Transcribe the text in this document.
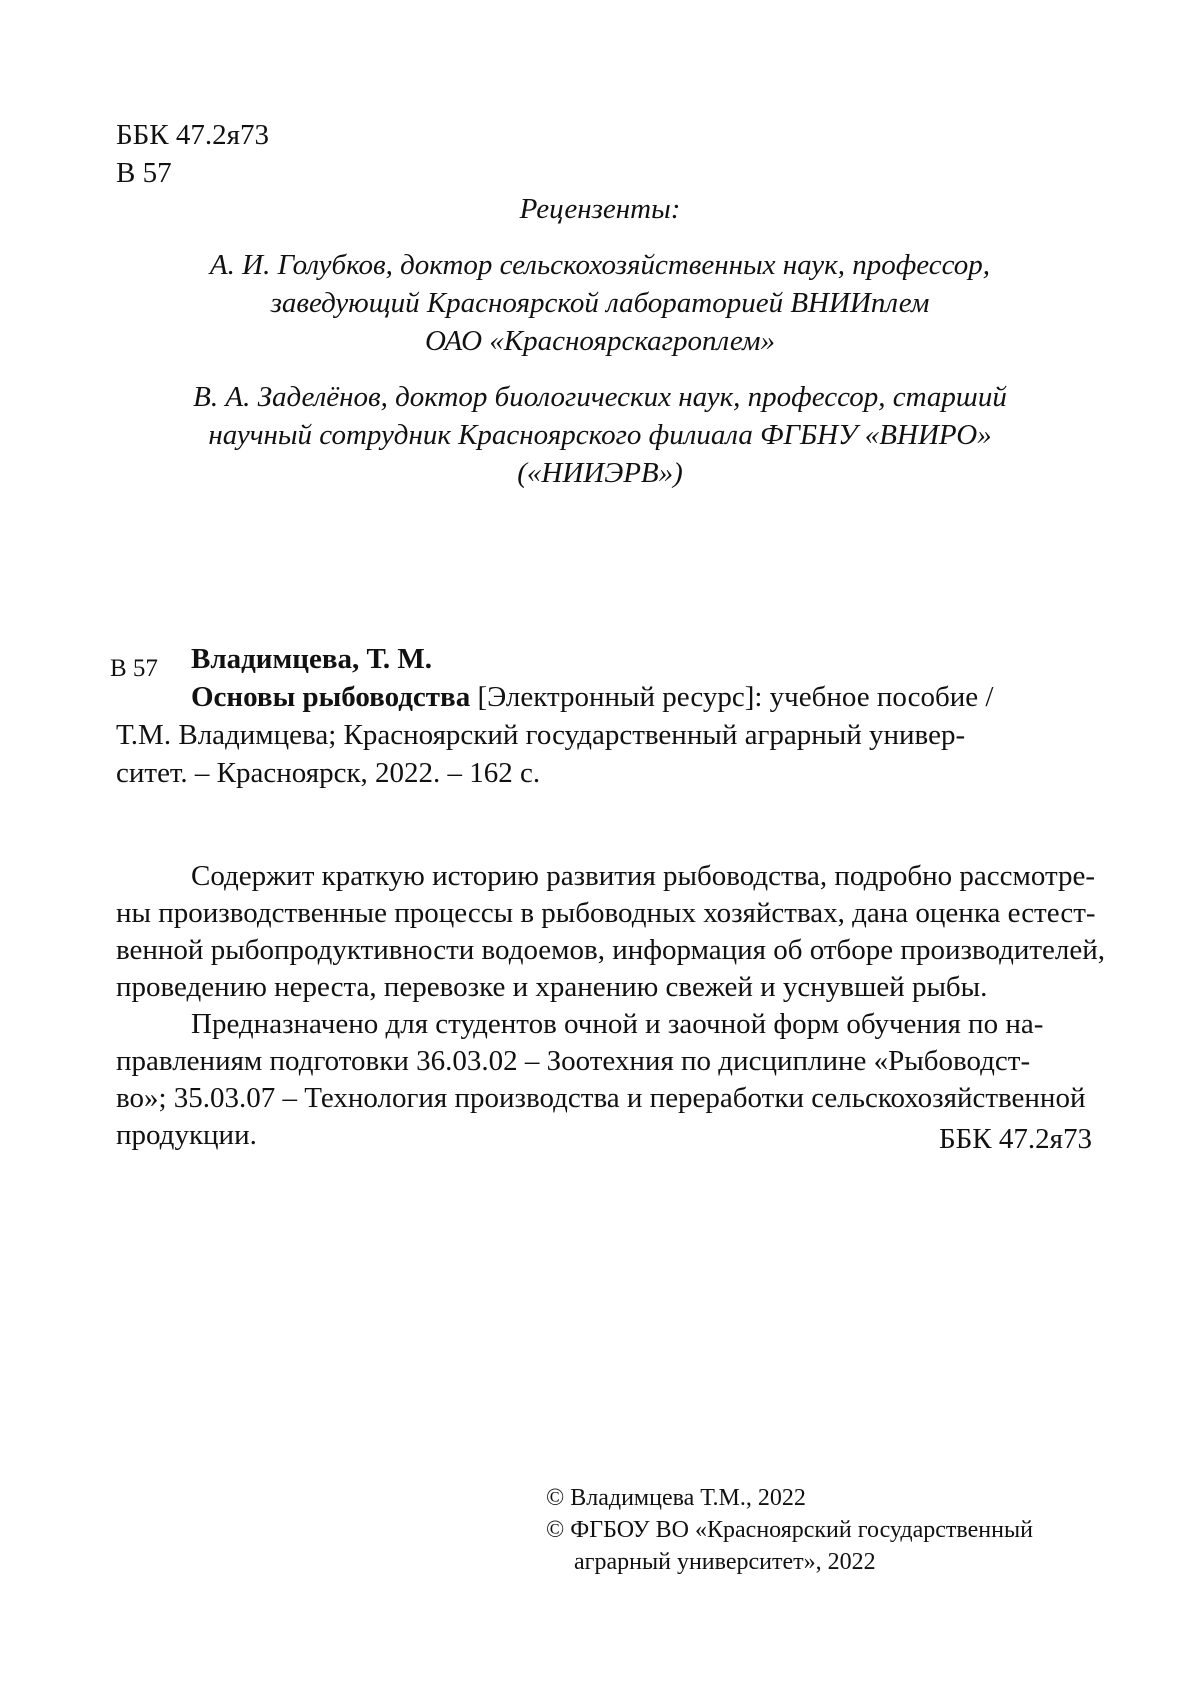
ББК 47.2я73
В 57
Рецензенты:
А. И. Голубков, доктор сельскохозяйственных наук, профессор,
заведующий Красноярской лабораторией ВНИИплем
ОАО «Красноярскагроплем»
В. А. Заделёнов, доктор биологических наук, профессор, старший
научный сотрудник Красноярского филиала ФГБНУ «ВНИРО»
(«НИИЭРВ»)
В 57	Владимцева, Т. М.
Основы рыбоводства [Электронный ресурс]: учебное пособие /
Т.М. Владимцева; Красноярский государственный аграрный универ-
ситет. – Красноярск, 2022. – 162 с.
Содержит краткую историю развития рыбоводства, подробно рассмотре-
ны производственные процессы в рыбоводных хозяйствах, дана оценка естест-
венной рыбопродуктивности водоемов, информация об отборе производителей,
проведению нереста, перевозке и хранению свежей и уснувшей рыбы.
Предназначено для студентов очной и заочной форм обучения по на-
правлениям подготовки 36.03.02 – Зоотехния по дисциплине «Рыбоводст-
во»; 35.03.07 – Технология производства и переработки сельскохозяйственной
продукции.	ББК 47.2я73
© Владимцева Т.М., 2022
© ФГБОУ ВО «Красноярский государственный
аграрный университет», 2022
